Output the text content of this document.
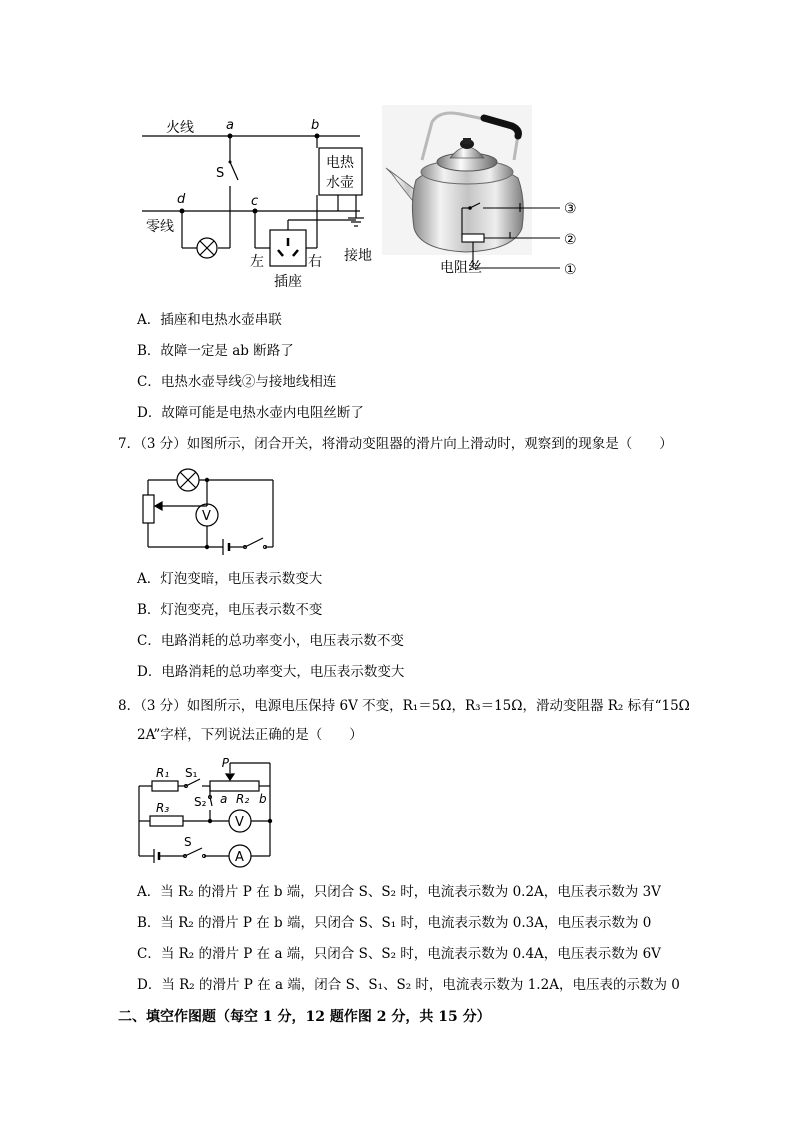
火线
零线
a	b
c
d
S
电热
水壶
接地
左	右
插座
电阻丝
③
②
①
A．插座和电热水壶串联
B．故障一定是 ab 断路了
C．电热水壶导线②与接地线相连
D．故障可能是电热水壶内电阻丝断了
7．（3 分）如图所示，闭合开关，将滑动变阻器的滑片向上滑动时，观察到的现象是（　　）
V
A．灯泡变暗，电压表示数变大
B．灯泡变亮，电压表示数不变
C．电路消耗的总功率变小，电压表示数不变
D．电路消耗的总功率变大，电压表示数变大
8．（3 分）如图所示，电源电压保持 6V 不变，R₁＝5Ω，R₃＝15Ω，滑动变阻器 R₂ 标有“15Ω
2A”字样，下列说法正确的是（　　）
R₁ S₁
P
S₂ a R₂ b
R₃
S
V
A
A．当 R₂ 的滑片 P 在 b 端，只闭合 S、S₂ 时，电流表示数为 0.2A，电压表示数为 3V
B．当 R₂ 的滑片 P 在 b 端，只闭合 S、S₁ 时，电流表示数为 0.3A，电压表示数为 0
C．当 R₂ 的滑片 P 在 a 端，只闭合 S、S₂ 时，电流表示数为 0.4A，电压表示数为 6V
D．当 R₂ 的滑片 P 在 a 端，闭合 S、S₁、S₂ 时，电流表示数为 1.2A，电压表的示数为 0
二、填空作图题（每空 1 分，12 题作图 2 分，共 15 分）
